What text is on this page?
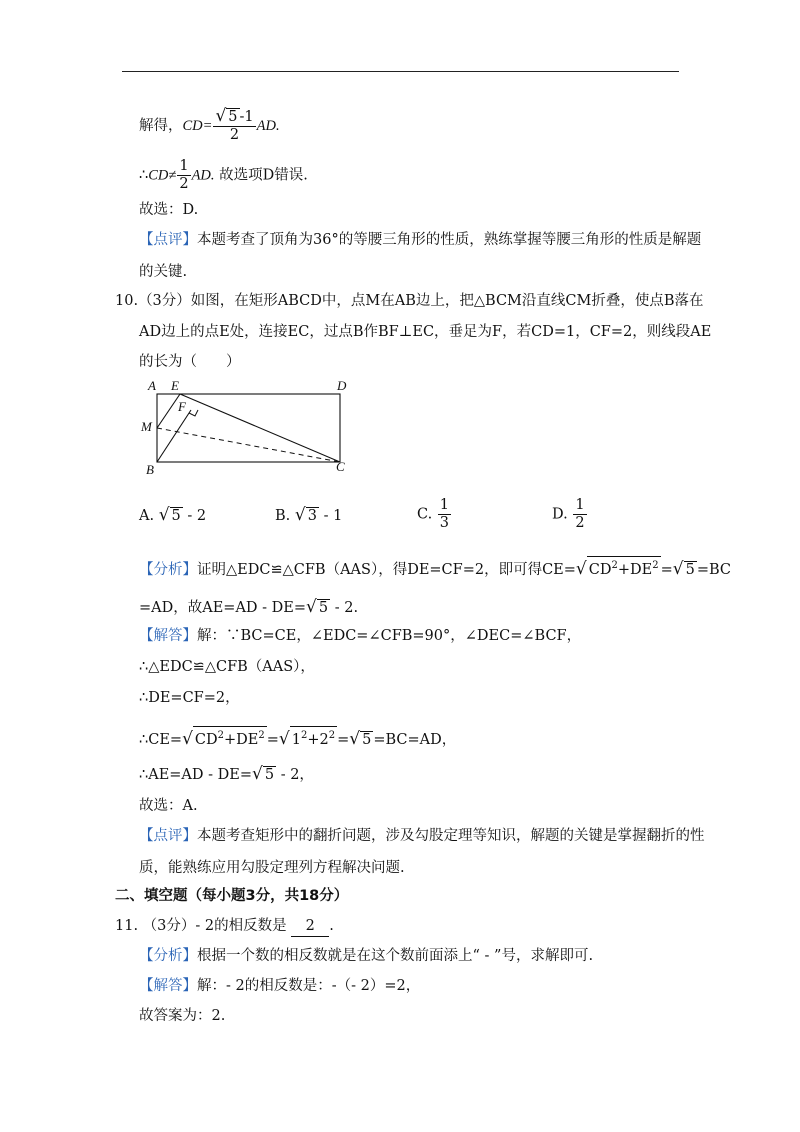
解得，$CD= \frac{√ 5 -1}{2}$ AD.
∴CD≠ $\frac{1}{2}$ AD. 故选项D错误.
故选：D.
【点评】本题考查了顶角为36°的等腰三角形的性质，熟练掌握等腰三角形的性质是解题
的关键.
10.（3分）如图，在矩形ABCD中，点M在AB边上，把△BCM沿直线CM折叠，使点B落在
AD边上的点E处，连接EC，过点B作BF⊥EC，垂足为F，若CD=1，CF=2，则线段AE
的长为（　　）
A E	D
F
M
B	C
A. √ 5 - 2	B. √ 3 - 1	C. $\frac{1}{3}$	D. $\frac{1}{2}$
【分析】证明△EDC≌△CFB（AAS），得DE=CF=2，即可得CE=√ $CD^2+DE^2$ =√ 5 =BC
=AD，故AE=AD - DE=√ 5 - 2.
【解答】解：∵BC=CE，∠EDC=∠CFB=90°，∠DEC=∠BCF，
∴△EDC≌△CFB（AAS），
∴DE=CF=2，
∴CE=√ $CD^2+DE^2$ =√ $1^2+2^2$ =√ 5 =BC=AD，
∴AE=AD - DE=√ 5 - 2，
故选：A.
【点评】本题考查矩形中的翻折问题，涉及勾股定理等知识，解题的关键是掌握翻折的性
质，能熟练应用勾股定理列方程解决问题.
二、填空题（每小题3分，共18分）
11. （3分）- 2的相反数是 2 .
【分析】根据一个数的相反数就是在这个数前面添上“ - ”号，求解即可.
【解答】解：- 2的相反数是：-（- 2）=2，
故答案为：2.
